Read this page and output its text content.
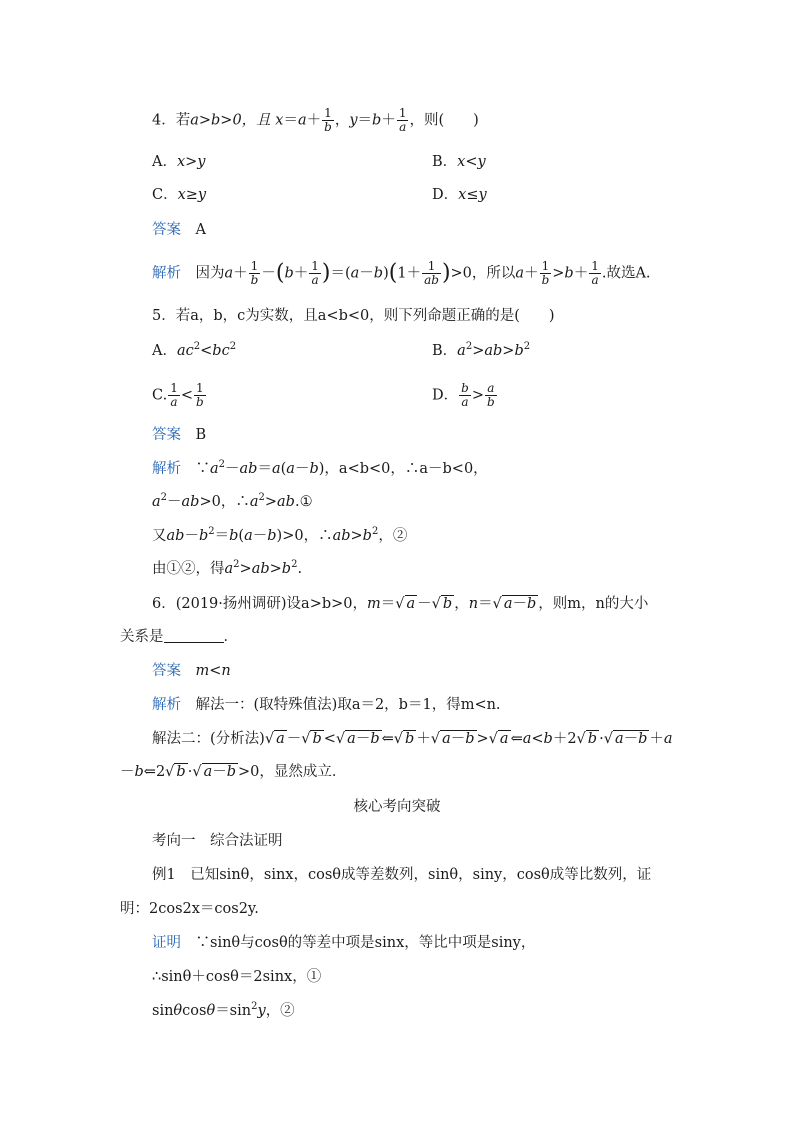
4．若a>b>0，且 $x=a+ \frac{1}{b}$ ，$y=b+ \frac{1}{a}$ ，则(　　)
A．x>y	B．x<y
C．x≥y	D．x≤y
答案　 A
解析　 因为$a+ \frac{1}{b} -(b+ \frac{1}{a} )=(a-b)(1+ \frac{1}{ab} )>0$，所以$a+ \frac{1}{b} >b+ \frac{1}{a}$ .故选A.
5．若a，b，c为实数，且a<b<0，则下列命题正确的是(　　)
A．$ac^2<bc^2$	B．$a^2>ab>b^2$
C. $\frac{1}{a} < \frac{1}{b}$	D． $\frac{b}{a} > \frac{a}{b}$
答案　 B
解析　$\because a^2-ab=a(a-b)$，a<b<0，∴a－b<0，
$a^2-ab>0$，$\therefore a^2>ab.①$
又$ab-b^2=b(a-b)>0$，$\therefore ab>b^2$，②
由①②，得$a^2>ab>b^2$.
6．(2019·扬州调研)设a>b>0，m＝√ a －√ b ，n＝√ a－b ，则m，n的大小
关系是	．
答案　 m<n
解析　 解法一：(取特殊值法)取a＝2，b＝1，得m<n.
解法二：(分析法)√ a －√ b <√ a－b ⇐√ b ＋√ a－b >√ a ⇐a<b＋2√ b ·√ a－b ＋a
－b⇐2√ b ·√ a－b >0，显然成立．
核心考向突破
考向一　综合法证明
例1　 已知sinθ，sinx，cosθ成等差数列，sinθ，siny，cosθ成等比数列，证
明：2cos2x＝cos2y.
证明　 ∵sinθ与cosθ的等差中项是sinx，等比中项是siny，
∴sinθ＋cosθ＝2sinx，①
$\sin\theta\cos\theta=\sin^2y$，②
